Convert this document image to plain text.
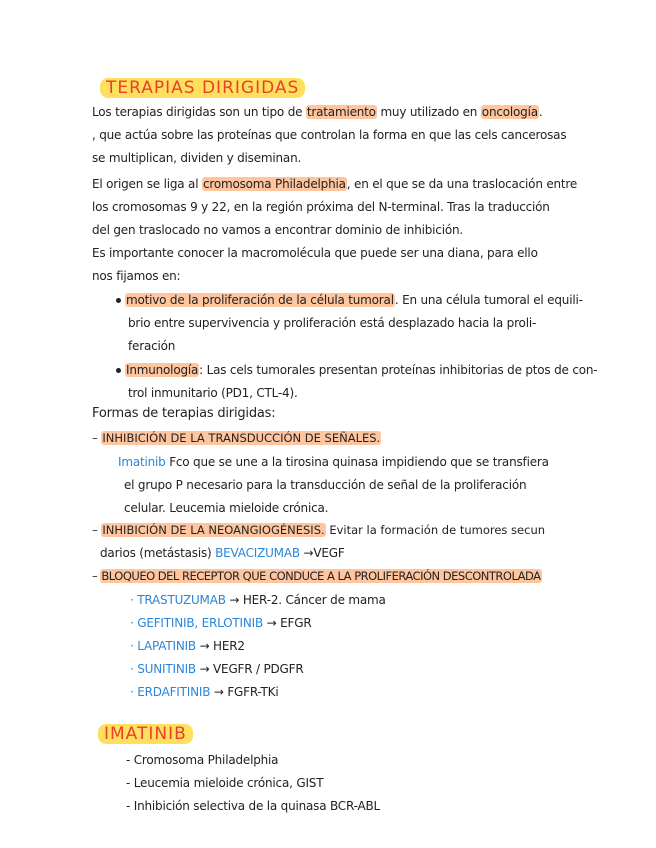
TERAPIAS DIRIGIDAS
Los terapias dirigidas son un tipo de tratamiento muy utilizado en oncología.
, que actúa sobre las proteínas que controlan la forma en que las cels cancerosas
se multiplican, dividen y diseminan.
El origen se liga al cromosoma Philadelphia, en el que se da una traslocación entre
los cromosomas 9 y 22, en la región próxima del N-terminal. Tras la traducción
del gen traslocado no vamos a encontrar dominio de inhibición.
Es importante conocer la macromolécula que puede ser una diana, para ello
nos fijamos en:
motivo de la proliferación de la célula tumoral. En una célula tumoral el equili-
brio entre supervivencia y proliferación está desplazado hacia la proli-
feración
Inmunología: Las cels tumorales presentan proteínas inhibitorias de ptos de con-
trol inmunitario (PD1, CTL-4).
Formas de terapias dirigidas:
– INHIBICIÓN DE LA TRANSDUCCIÓN DE SEÑALES.
Imatinib Fco que se une a la tirosina quinasa impidiendo que se transfiera
el grupo P necesario para la transducción de señal de la proliferación
celular. Leucemia mieloide crónica.
– INHIBICIÓN DE LA NEOANGIOGÉNESIS. Evitar la formación de tumores secun
darios (metástasis) BEVACIZUMAB →VEGF
– BLOQUEO DEL RECEPTOR QUE CONDUCE A LA PROLIFERACIÓN DESCONTROLADA
· TRASTUZUMAB → HER-2. Cáncer de mama
· GEFITINIB, ERLOTINIB → EFGR
· LAPATINIB → HER2
· SUNITINIB → VEGFR / PDGFR
· ERDAFITINIB → FGFR-TKi
IMATINIB
- Cromosoma Philadelphia
- Leucemia mieloide crónica, GIST
- Inhibición selectiva de la quinasa BCR-ABL
